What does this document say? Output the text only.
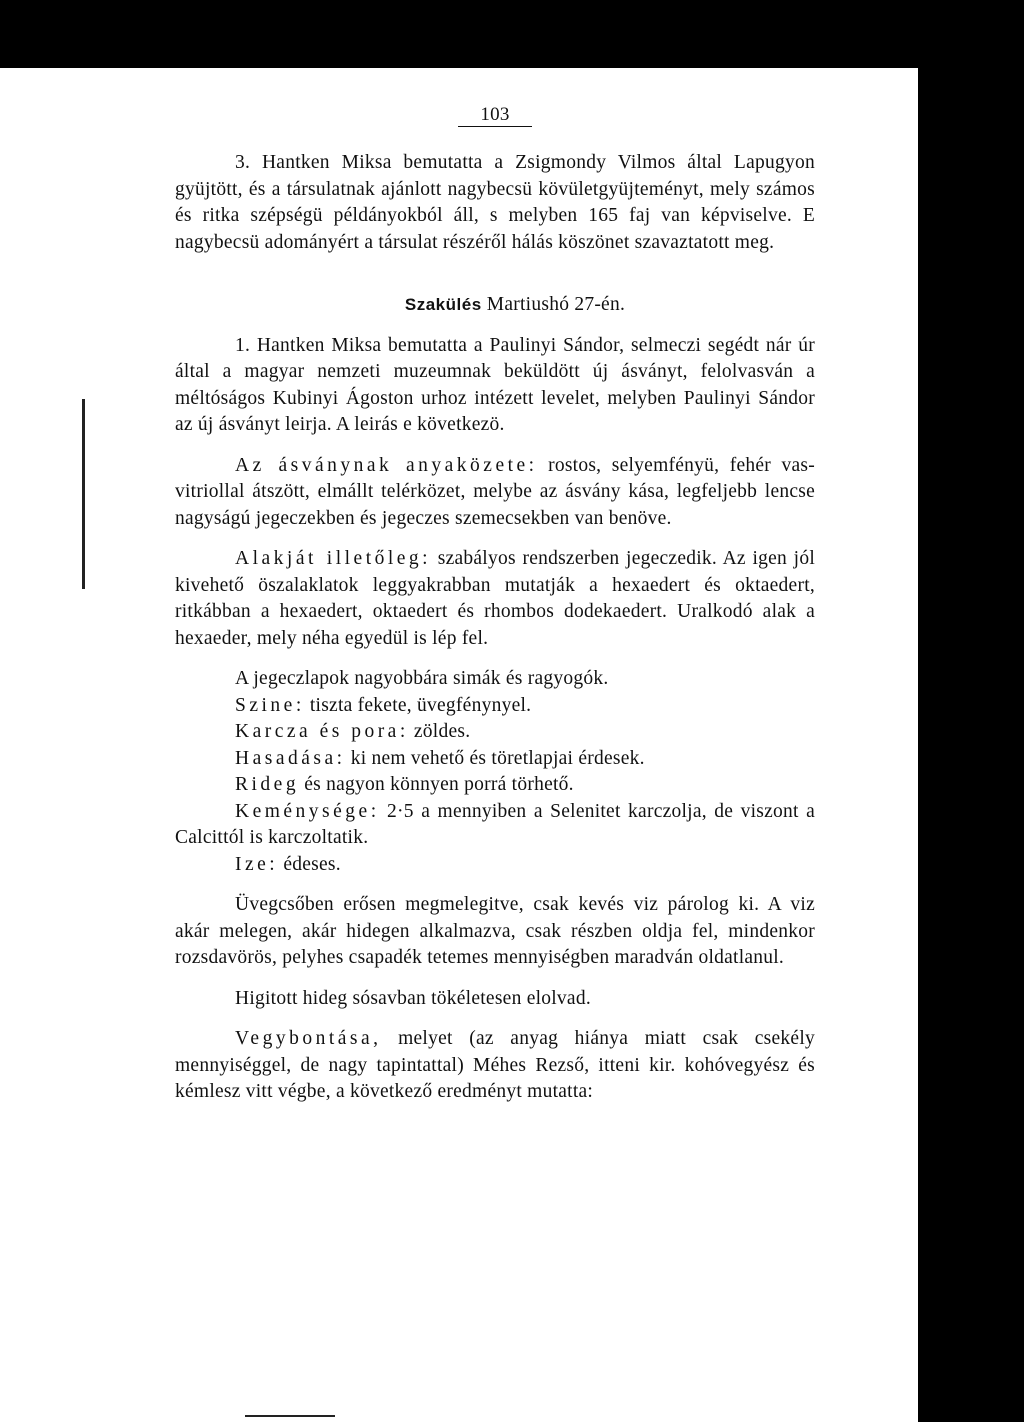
103

3. Hantken Miksa bemutatta a Zsigmondy Vilmos által Lapugyon gyüjtött, és a társulatnak ajánlott nagybecsü kövületgyüjteményt, mely számos és ritka szépségü példányokból áll, s melyben 165 faj van képviselve. E nagybecsü adományért a társulat részéről hálás köszönet szavaztatott meg.

Szakülés Martiushó 27-én.

1. Hantken Miksa bemutatta a Paulinyi Sándor, selmeczi segédt nár úr által a magyar nemzeti muzeumnak beküldött új ásványt, felolvasván a méltóságos Kubinyi Ágoston urhoz intézett levelet, melyben Paulinyi Sándor az új ásványt leirja. A leirás e következö.

Az ásványnak anyaközete: rostos, selyemfényü, fehér vas-vitriollal átszött, elmállt telérközet, melybe az ásvány kása, legfeljebb lencse nagyságú jegeczekben és jegeczes szemecsekben van benöve.

Alakját illetőleg: szabályos rendszerben jegeczedik. Az igen jól kivehető öszalaklatok leggyakrabban mutatják a hexaedert és oktaedert, ritkábban a hexaedert, oktaedert és rhombos dodekaedert. Uralkodó alak a hexaeder, mely néha egyedül is lép fel.

A jegeczlapok nagyobbára simák és ragyogók.

Szine: tiszta fekete, üvegfénynyel.

Karcza és pora: zöldes.

Hasadása: ki nem vehető és töretlapjai érdesek.

Rideg és nagyon könnyen porrá törhető.

Keménysége: 2·5 a mennyiben a Selenitet karczolja, de viszont a Calcittól is karczoltatik.

Ize: édeses.

Üvegcsőben erősen megmelegitve, csak kevés viz párolog ki. A viz akár melegen, akár hidegen alkalmazva, csak részben oldja fel, mindenkor rozsdavörös, pelyhes csapadék tetemes mennyiségben maradván oldatlanul.

Higitott hideg sósavban tökéletesen elolvad.

Vegybontása, melyet (az anyag hiánya miatt csak csekély mennyiséggel, de nagy tapintattal) Méhes Rezső, itteni kir. kohóvegyész és kémlesz vitt végbe, a következő eredményt mutatta:
